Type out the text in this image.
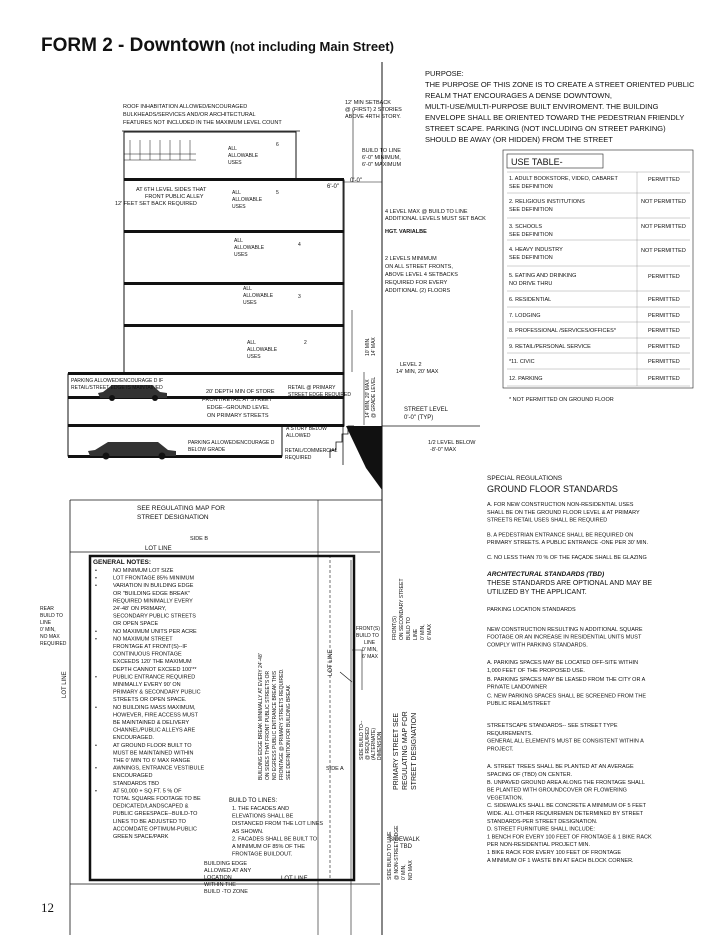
FORM 2 - Downtown (not including Main Street)
PURPOSE:
THE PURPOSE OF THIS ZONE IS TO CREATE A STREET ORIENTED PUBLIC
REALM THAT ENCOURAGES A DENSE DOWNTOWN,
MULTI-USE/MULTI-PURPOSE BUILT ENVIROMENT. THE BUILDING
ENVELOPE SHALL BE ORIENTED TOWARD THE PEDESTRIAN FRIENDLY
STREET SCAPE. PARKING (NOT INCLUDING ON STREET PARKING)
SHOULD BE AWAY (OR HIDDEN) FROM THE STREET
ROOF INHABITATION ALLOWED/ENCOURAGED
BULKHEADS/SERVICES AND/OR ARCHITECTURAL
FEATURES NOT INCLUDED IN THE MAXIMUM LEVEL COUNT
12' MIN SETBACK
@ (FIRST) 2 STORIES
ABOVE 4RTH STORY.
BUILD TO LINE
6'-0" MINIMUM,
6'-0" MAXIMUM
6'-0"
0'-0"
AT 6TH LEVEL SIDES THAT
FRONT PUBLIC ALLEY
12' FEET SET BACK REQUIRED
4 LEVEL MAX @ BUILD TO LINE
ADDITIONAL LEVELS MUST SET BACK
HGT. VARIALBE
2 LEVELS MINIMUM
ON ALL STREET FRONTS,
ABOVE LEVEL 4 SETBACKS
REQUIRED FOR EVERY
ADDITIONAL (2) FLOORS
ALL
ALLOWABLE
USES
6
ALL
ALLOWABLE
USES
5
ALL
ALLOWABLE
USES
4
ALL
ALLOWABLE
USES
3
ALL
ALLOWABLE
USES
2	10' MIN. 14' MAX
14' MIN, 20' MAX @ GRADE LEVEL
LEVEL 2
14' MIN, 20' MAX
PARKING ALLOWED/ENCOURAGE D IF
RETAIL/STREET EDGE IS MAINTAINED
20' DEPTH MIN OF STORE
FRONT/RETAIL AT STREET
EDGE--GROUND LEVEL
ON PRIMARY STREETS
RETAIL @ PRIMARY
STREET EDGE REQUIRED
STREET LEVEL
0'-0" (TYP)
A STORY BELOW
ALLOWED
PARKING ALLOWED/ENCOURAGE D
BELOW GRADE	RETAIL/COMMERCIAL
REQUIRED
1/2 LEVEL BELOW
-8'-0" MAX
USE TABLE-
1. ADULT BOOKSTORE, VIDEO, CABARET
SEE DEFINITION
PERMITTED
2. RELIGIOUS INSTITUTIONS
SEE DEFINITION
NOT PERMITTED
3. SCHOOLS
SEE DEFINITION
NOT PERMITTED
4. HEAVY INDUSTRY
SEE DEFINITION
NOT PERMITTED
5. EATING AND DRINKING
NO DRIVE THRU
PERMITTED
6. RESIDENTIAL	PERMITTED
7. LODGING	PERMITTED
8. PROFESSIONAL /SERVICES/OFFICES*	PERMITTED
9. RETAIL/PERSONAL SERVICE	PERMITTED
*11. CIVIC	PERMITTED
12. PARKING	PERMITTED
* NOT PERMITTED ON GROUND FLOOR
SEE REGULATING MAP FOR
STREET DESIGNATION
SIDE B
LOT LINE
LOT LINE
LOT LINE
LOT LINE
GENERAL NOTES:
•	NO MINIMUM LOT SIZE
•	LOT FRONTAGE 85% MINIMUM
•	VARIATION IN BUILDING EDGE
OR "BUILDING EDGE BREAK"
REQUIRED MINIMALLY EVERY
24'-48' ON PRIMARY,
SECONDARY PUBLIC STREETS
OR OPEN SPACE
•	NO MAXIMUM UNITS PER ACRE
•	NO MAXIMUM STREET
FRONTAGE AT FRONT(S)--IF
CONTINUOUS FRONTAGE
EXCEEDS 120' THE MAXIMUM
DEPTH CANNOT EXCEED 100'**
•	PUBLIC ENTRANCE REQUIRED
MINIMALLY EVERY 90' ON
PRIMARY & SECONDARY PUBLIC
STREETS OR OPEN SPACE.
•	NO BUILDING MASS MAXIMUM,
HOWEVER, FIRE ACCESS MUST
BE MAINTAINED & DELIVERY
CHANNEL/PUBLIC ALLEYS ARE
ENCOURAGED.
•	AT GROUND FLOOR BUILT TO
MUST BE MAINTAINED WITHIN
THE 0' MIN TO 6' MAX RANGE
•	AWNINGS, ENTRANCE VESTIBULE
ENCOURAGED
STANDARDS TBD
•	AT 50,000 + SQ.FT. 5 % OF
TOTAL SQUARE FOOTAGE TO BE
DEDICATED/LANDSCAPED &
PUBLIC GREESPACE--BUILD-TO
LINES TO BE ADJUSTED TO
ACCOMDATE OPTIMUM-PUBLIC
GREEN SPACE/PARK
BUILDING EDGE BREAK MINIMALLY AT EVERY 24'-48' ON SIDES THAT FRONT PUBLIC STREETS OR NO EGRESS PUBLIC ENTRANCE BREAK THIS FRONTAGE @ PRIMARY STREETS REQUIRED. SEE DEFINITION FOR BUILDING BREAK
REAR
BUILD TO
LINE
0' MIN,
NO MAX
REQUIRED
FRONT(S)
BUILD TO
LINE
0' MIN,
6' MAX
FRONT(S) ON SECONDARY STREET BUILD TO LINE 0' MIN, 6' MAX
SIDE A
SIDE BUILD TO-- @ REQUIRED (ALTERNATE) DIMENSION PRIMARY STREET SEE REGULATING MAP FOR STREET DESIGNATION
BUILD TO LINES:
1. THE FACADES AND
ELEVATIONS SHALL BE
DISTANCED FROM THE LOT LINES
AS SHOWN.
2. FACADES SHALL BE BUILT TO
A MINIMUM OF 85% OF THE
FRONTAGE BUILDOUT.
SIDEWALK
TBD
SIDE BUILD TO LINE @ NON-STREET EDGE 0' MIN, NO MAX
BUILDING EDGE
ALLOWED AT ANY
LOCATION
WITHIN THE
BUILD -TO ZONE
SPECIAL REGULATIONS
GROUND FLOOR STANDARDS
A. FOR NEW CONSTRUCTION NON-RESIDENTIAL USES
SHALL BE ON THE GROUND FLOOR LEVEL & AT PRIMARY
STREETS RETAIL USES SHALL BE REQUIRED
B. A PEDESTRIAN ENTRANCE SHALL BE REQUIRED ON
PRIMARY STREETS. A PUBLIC ENTRANCE -ONE PER 30' MIN.
C. NO LESS THAN 70 % OF THE FAÇADE SHALL BE GLAZING
ARCHITECTURAL STANDARDS (TBD)
THESE STANDARDS ARE OPTIONAL AND MAY BE
UTILIZED BY THE APPLICANT.
PARKING LOCATION STANDARDS
NEW CONSTRUCTION RESULTING N ADDITIONAL SQUARE
FOOTAGE OR AN INCREASE IN RESIDENTIAL UNITS MUST
COMPLY WITH PARKING STANDARDS.
A. PARKING SPACES MAY BE LOCATED OFF-SITE WITHIN
1,000 FEET OF THE PROPOSED USE.
B. PARKING SPACES MAY BE LEASED FROM THE CITY OR A
PRIVATE LANDOWNER
C. NEW PARKING SPACES SHALL BE SCREENED FROM THE
PUBLIC REALM/STREET
STREETSCAPE STANDARDS-- SEE STREET TYPE
REQUIREMENTS.
GENERAL ALL ELEMENTS MUST BE CONSISTENT WITHIN A
PROJECT.
A. STREET TREES SHALL BE PLANTED AT AN AVERAGE
SPACING OF (TBD) ON CENTER.
B. UNPAVED GROUND AREA ALONG THE FRONTAGE SHALL
BE PLANTED WITH GROUNDCOVER OR FLOWERING
VEGETATION.
C. SIDEWALKS SHALL BE CONCRETE A MINIMUM OF 5 FEET
WIDE. ALL OTHER REQUIREMEN DETERMINED BY STREET
STANDARDS-PER STREET DESIGNATION.
D. STREET FURNITURE SHALL INCLUDE:
1 BENCH FOR EVERY 100 FEET OF FRONTAGE & 1 BIKE RACK
PER NON-RESIDENTIAL PROJECT MIN.
1 BIKE RACK FOR EVERY 100 FEET OF FRONTAGE
A MINIMUM OF 1 WASTE BIN AT EACH BLOCK CORNER.
12
